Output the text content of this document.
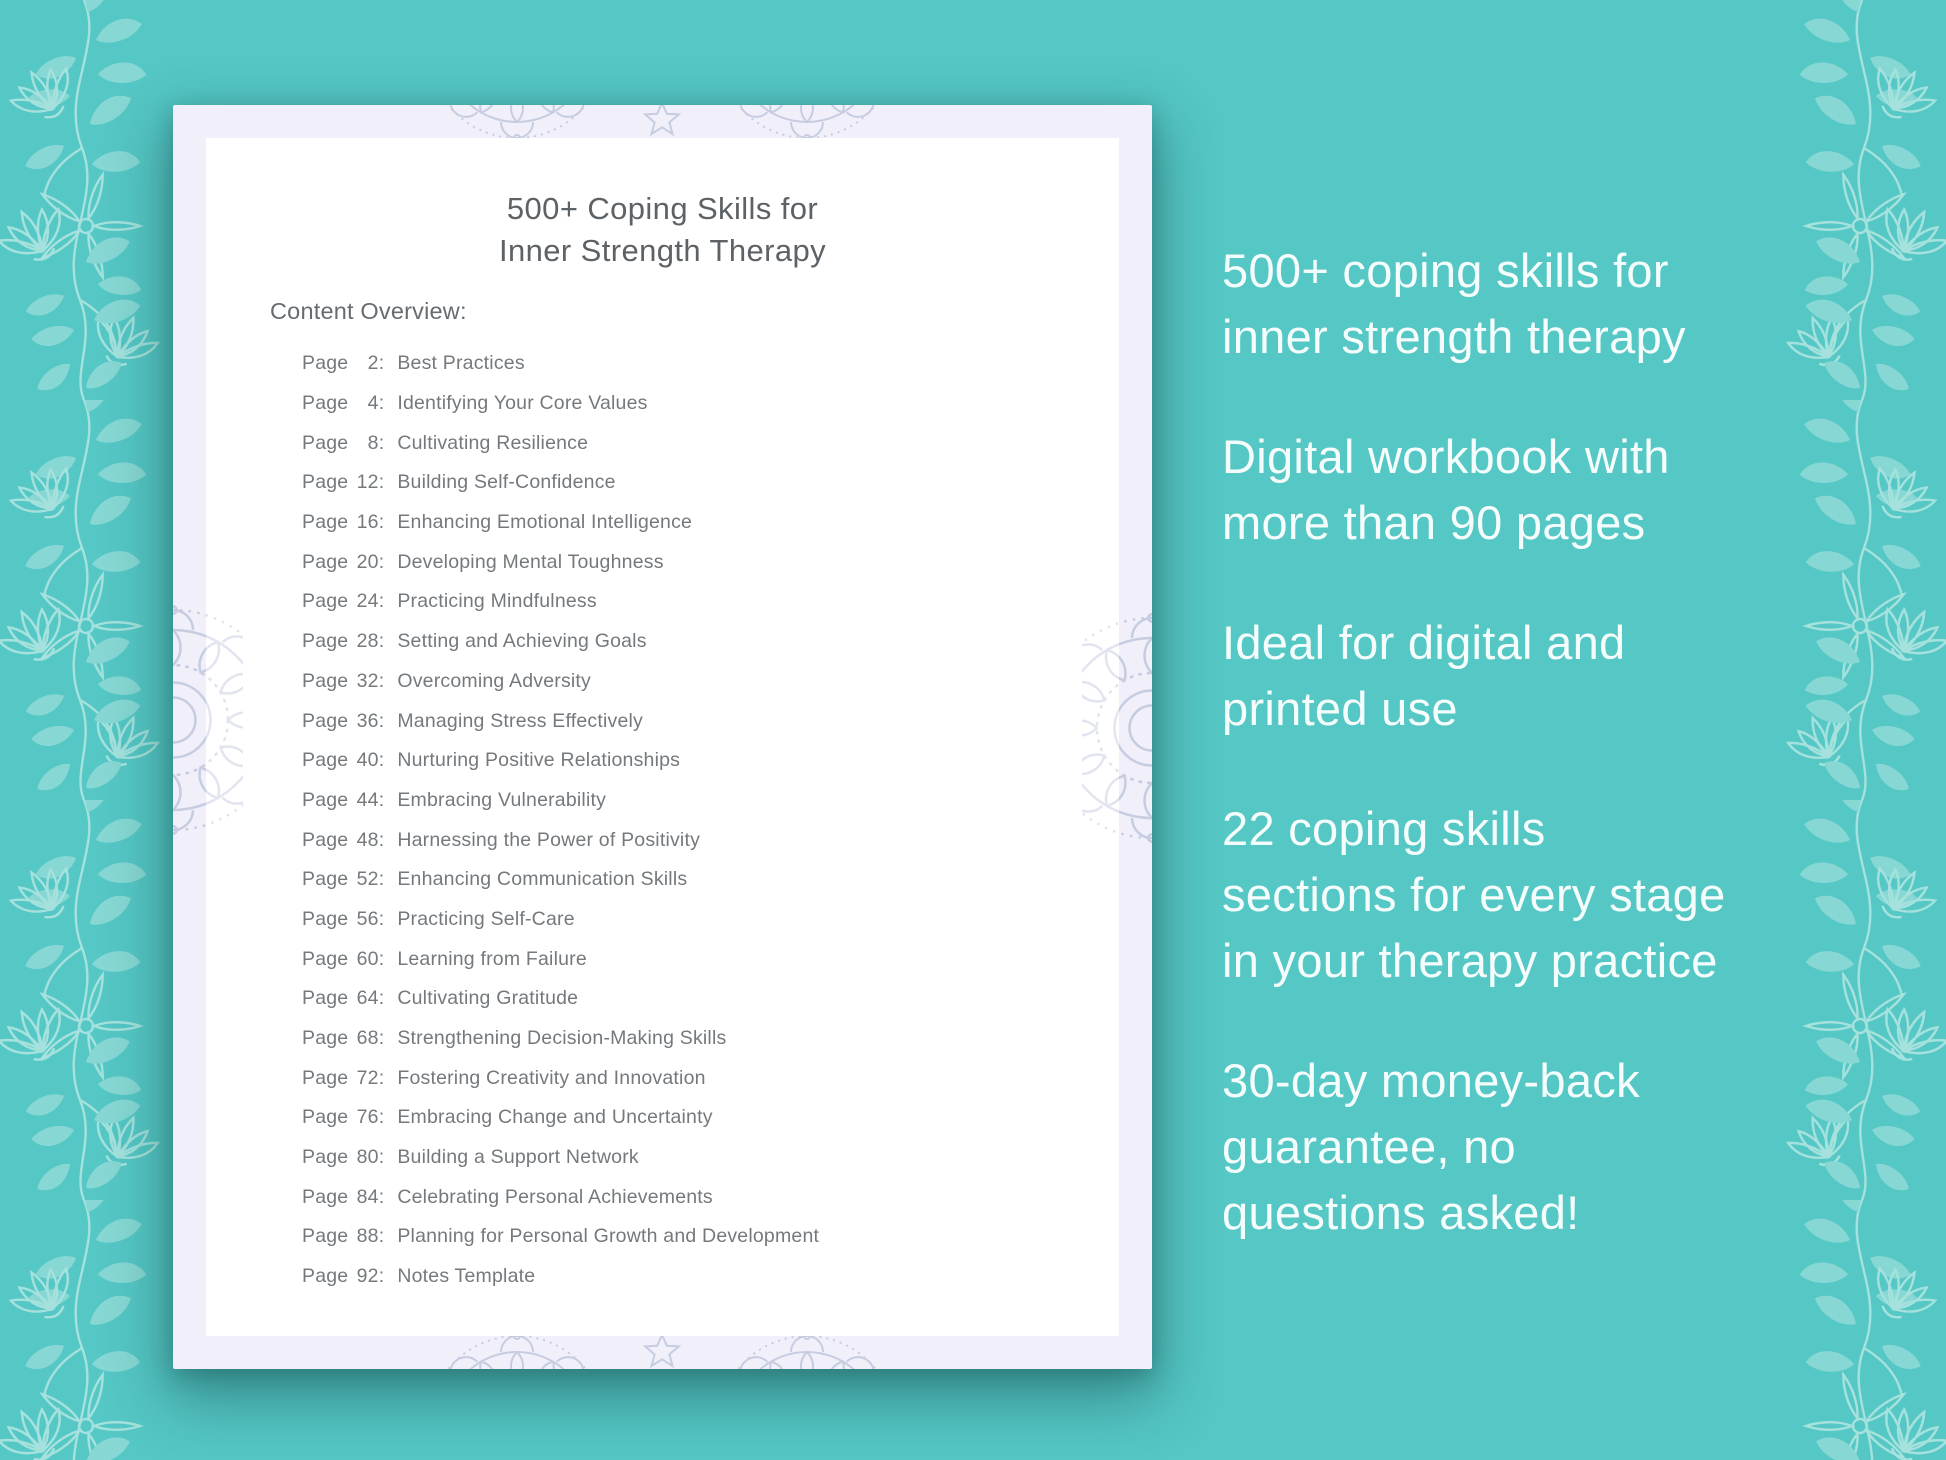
500+ Coping Skills for
Inner Strength Therapy
Content Overview:
Page 2: Best Practices
Page 4: Identifying Your Core Values
Page 8: Cultivating Resilience
Page 12: Building Self-Confidence
Page 16: Enhancing Emotional Intelligence
Page 20: Developing Mental Toughness
Page 24: Practicing Mindfulness
Page 28: Setting and Achieving Goals
Page 32: Overcoming Adversity
Page 36: Managing Stress Effectively
Page 40: Nurturing Positive Relationships
Page 44: Embracing Vulnerability
Page 48: Harnessing the Power of Positivity
Page 52: Enhancing Communication Skills
Page 56: Practicing Self-Care
Page 60: Learning from Failure
Page 64: Cultivating Gratitude
Page 68: Strengthening Decision-Making Skills
Page 72: Fostering Creativity and Innovation
Page 76: Embracing Change and Uncertainty
Page 80: Building a Support Network
Page 84: Celebrating Personal Achievements
Page 88: Planning for Personal Growth and Development
Page 92: Notes Template
500+ coping skills for
inner strength therapy
Digital workbook with
more than 90 pages
Ideal for digital and
printed use
22 coping skills
sections for every stage
in your therapy practice
30-day money-back
guarantee, no
questions asked!
